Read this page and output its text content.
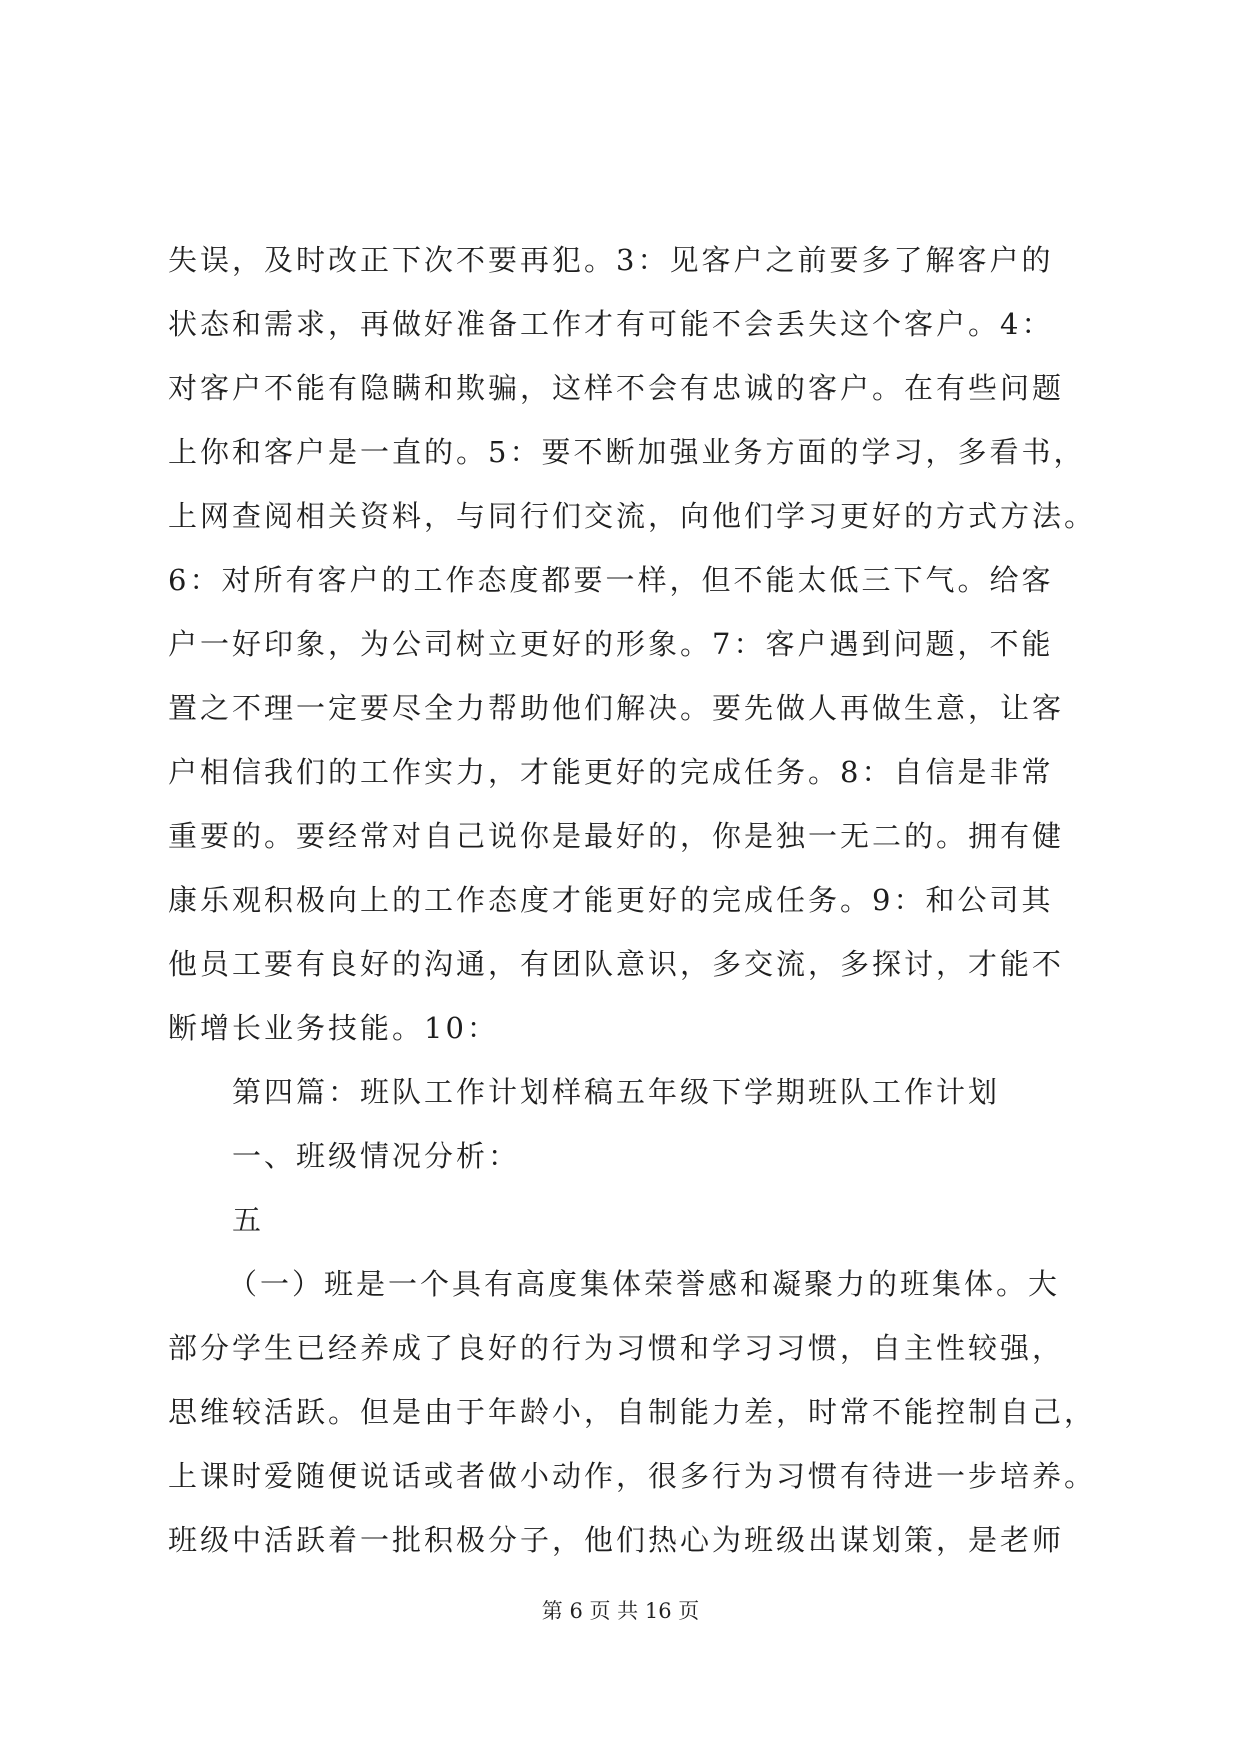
失误，及时改正下次不要再犯。3：见客户之前要多了解客户的
状态和需求，再做好准备工作才有可能不会丢失这个客户。4：
对客户不能有隐瞒和欺骗，这样不会有忠诚的客户。在有些问题
上你和客户是一直的。5：要不断加强业务方面的学习，多看书，
上网查阅相关资料，与同行们交流，向他们学习更好的方式方法。
6：对所有客户的工作态度都要一样，但不能太低三下气。给客
户一好印象，为公司树立更好的形象。7：客户遇到问题，不能
置之不理一定要尽全力帮助他们解决。要先做人再做生意，让客
户相信我们的工作实力，才能更好的完成任务。8：自信是非常
重要的。要经常对自己说你是最好的，你是独一无二的。拥有健
康乐观积极向上的工作态度才能更好的完成任务。9：和公司其
他员工要有良好的沟通，有团队意识，多交流，多探讨，才能不
断增长业务技能。10：
第四篇：班队工作计划样稿五年级下学期班队工作计划
一、班级情况分析：
五
（一）班是一个具有高度集体荣誉感和凝聚力的班集体。大
部分学生已经养成了良好的行为习惯和学习习惯，自主性较强，
思维较活跃。但是由于年龄小，自制能力差，时常不能控制自己，
上课时爱随便说话或者做小动作，很多行为习惯有待进一步培养。
班级中活跃着一批积极分子，他们热心为班级出谋划策，是老师
第 6 页 共 16 页
